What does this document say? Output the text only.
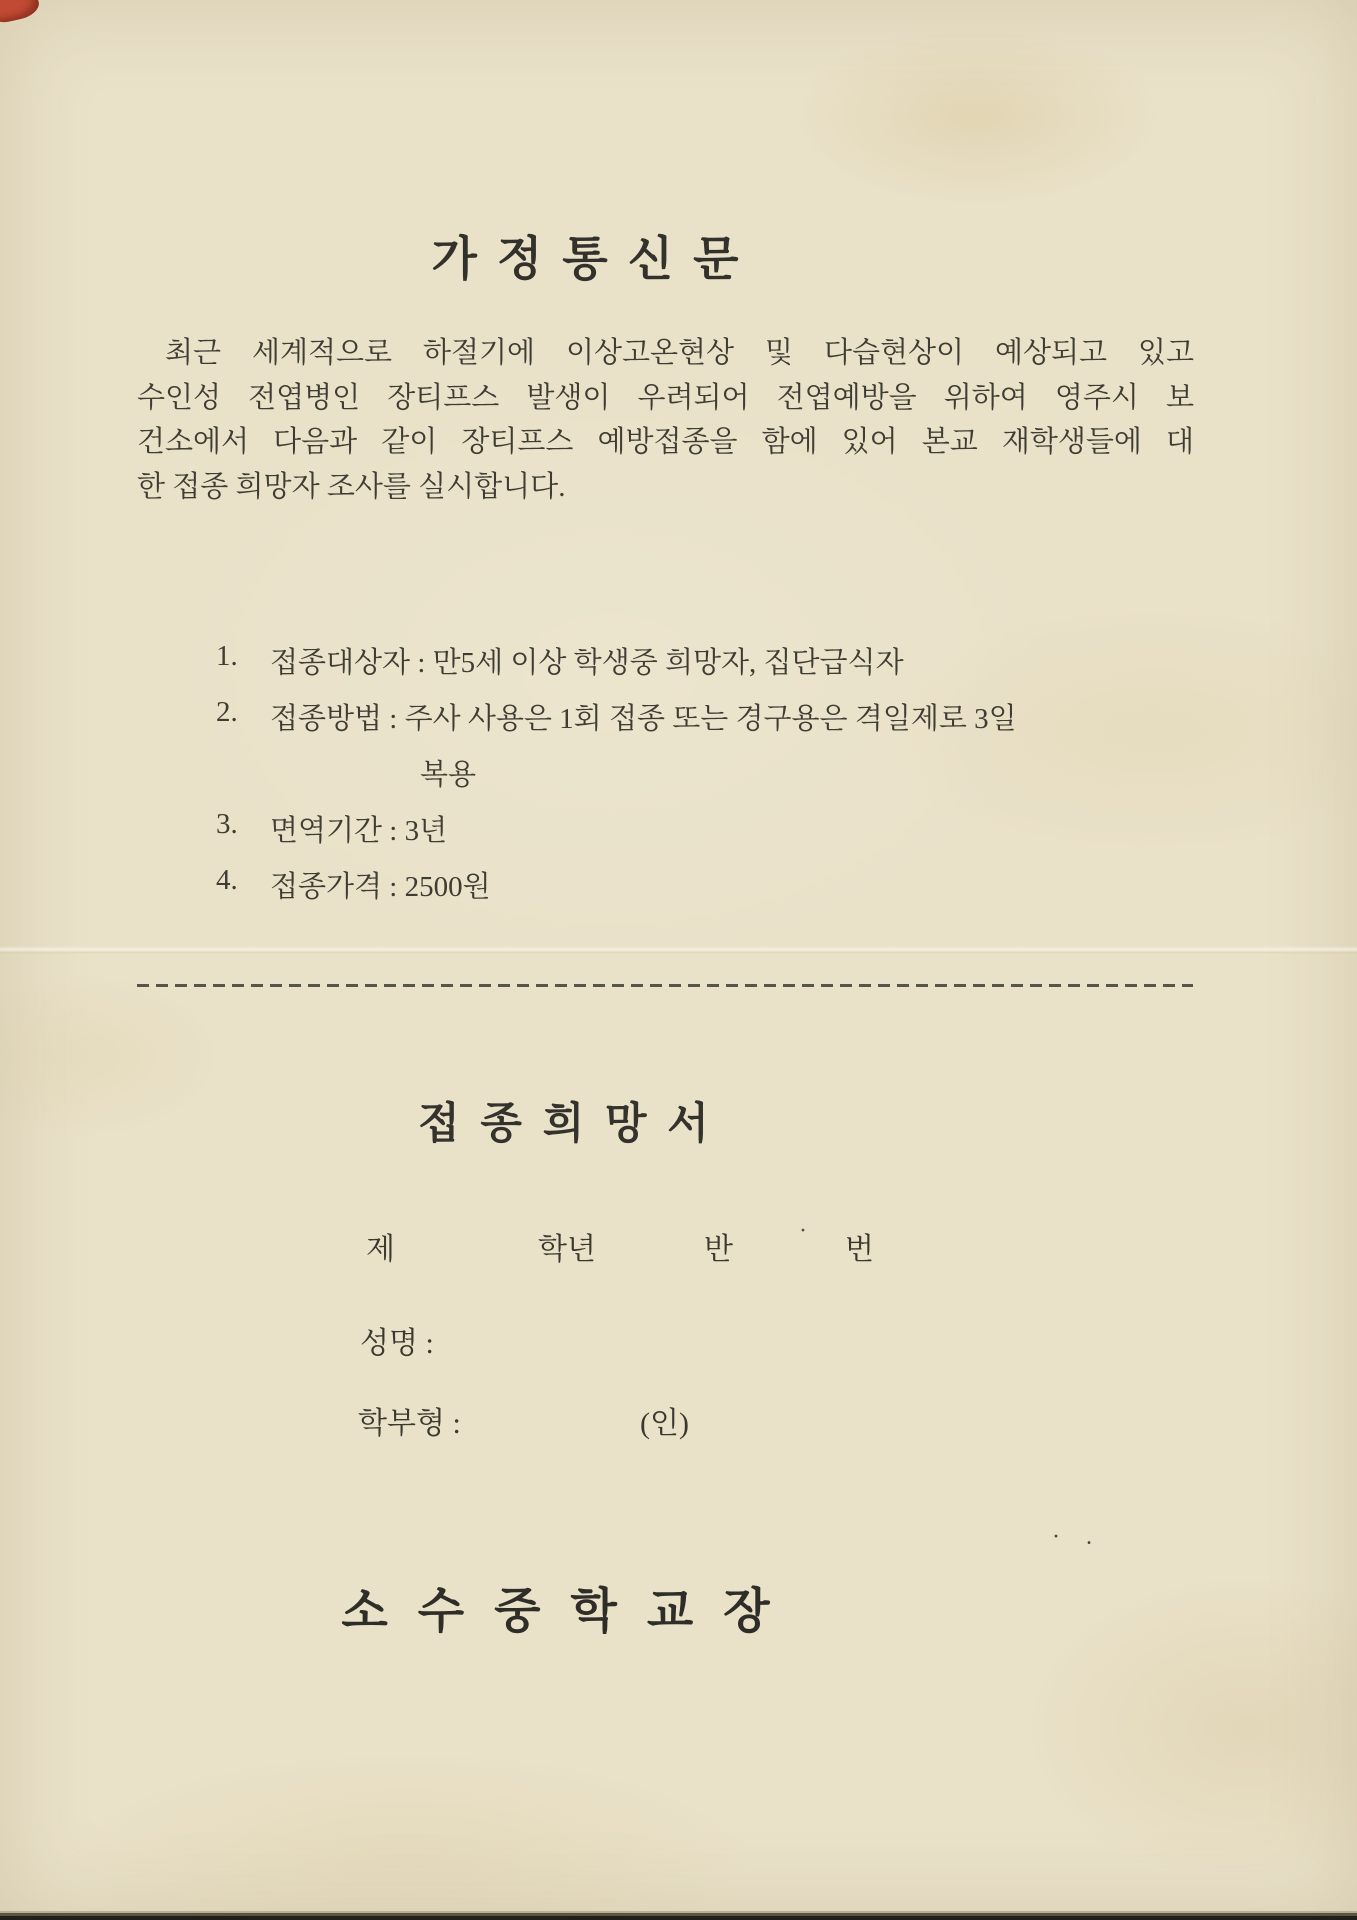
가정통신문
최근 세계적으로 하절기에 이상고온현상 및 다습현상이 예상되고 있고
수인성 전엽병인 장티프스 발생이 우려되어 전엽예방을 위하여 영주시 보
건소에서 다음과 같이 장티프스 예방접종을 함에 있어 본교 재학생들에 대
한 접종 희망자 조사를 실시합니다.
1.	접종대상자 : 만5세 이상 학생중 희망자, 집단급식자
2.	접종방법 : 주사 사용은 1회 접종 또는 경구용은 격일제로 3일
복용
3.	면역기간 : 3년
4.	접종가격 : 2500원
접 종 희 망 서
제	학년	반
·
번
성명 :
학부형 :	(인)
· .
소 수 중 학 교 장
